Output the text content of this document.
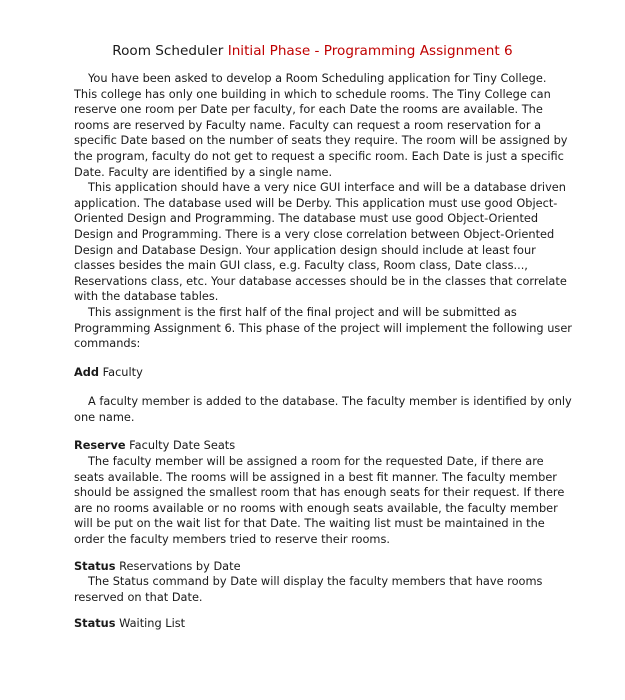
Room Scheduler Initial Phase - Programming Assignment 6
You have been asked to develop a Room Scheduling application for Tiny College.
This college has only one building in which to schedule rooms. The Tiny College can
reserve one room per Date per faculty, for each Date the rooms are available. The
rooms are reserved by Faculty name. Faculty can request a room reservation for a
specific Date based on the number of seats they require. The room will be assigned by
the program, faculty do not get to request a specific room. Each Date is just a specific
Date. Faculty are identified by a single name.
This application should have a very nice GUI interface and will be a database driven
application. The database used will be Derby. This application must use good Object-
Oriented Design and Programming. The database must use good Object-Oriented
Design and Programming. There is a very close correlation between Object-Oriented
Design and Database Design. Your application design should include at least four
classes besides the main GUI class, e.g. Faculty class, Room class, Date class...,
Reservations class, etc. Your database accesses should be in the classes that correlate
with the database tables.
This assignment is the first half of the final project and will be submitted as
Programming Assignment 6. This phase of the project will implement the following user
commands:
Add Faculty
A faculty member is added to the database. The faculty member is identified by only
one name.
Reserve Faculty Date Seats
The faculty member will be assigned a room for the requested Date, if there are
seats available. The rooms will be assigned in a best fit manner. The faculty member
should be assigned the smallest room that has enough seats for their request. If there
are no rooms available or no rooms with enough seats available, the faculty member
will be put on the wait list for that Date. The waiting list must be maintained in the
order the faculty members tried to reserve their rooms.
Status Reservations by Date
The Status command by Date will display the faculty members that have rooms
reserved on that Date.
Status Waiting List
